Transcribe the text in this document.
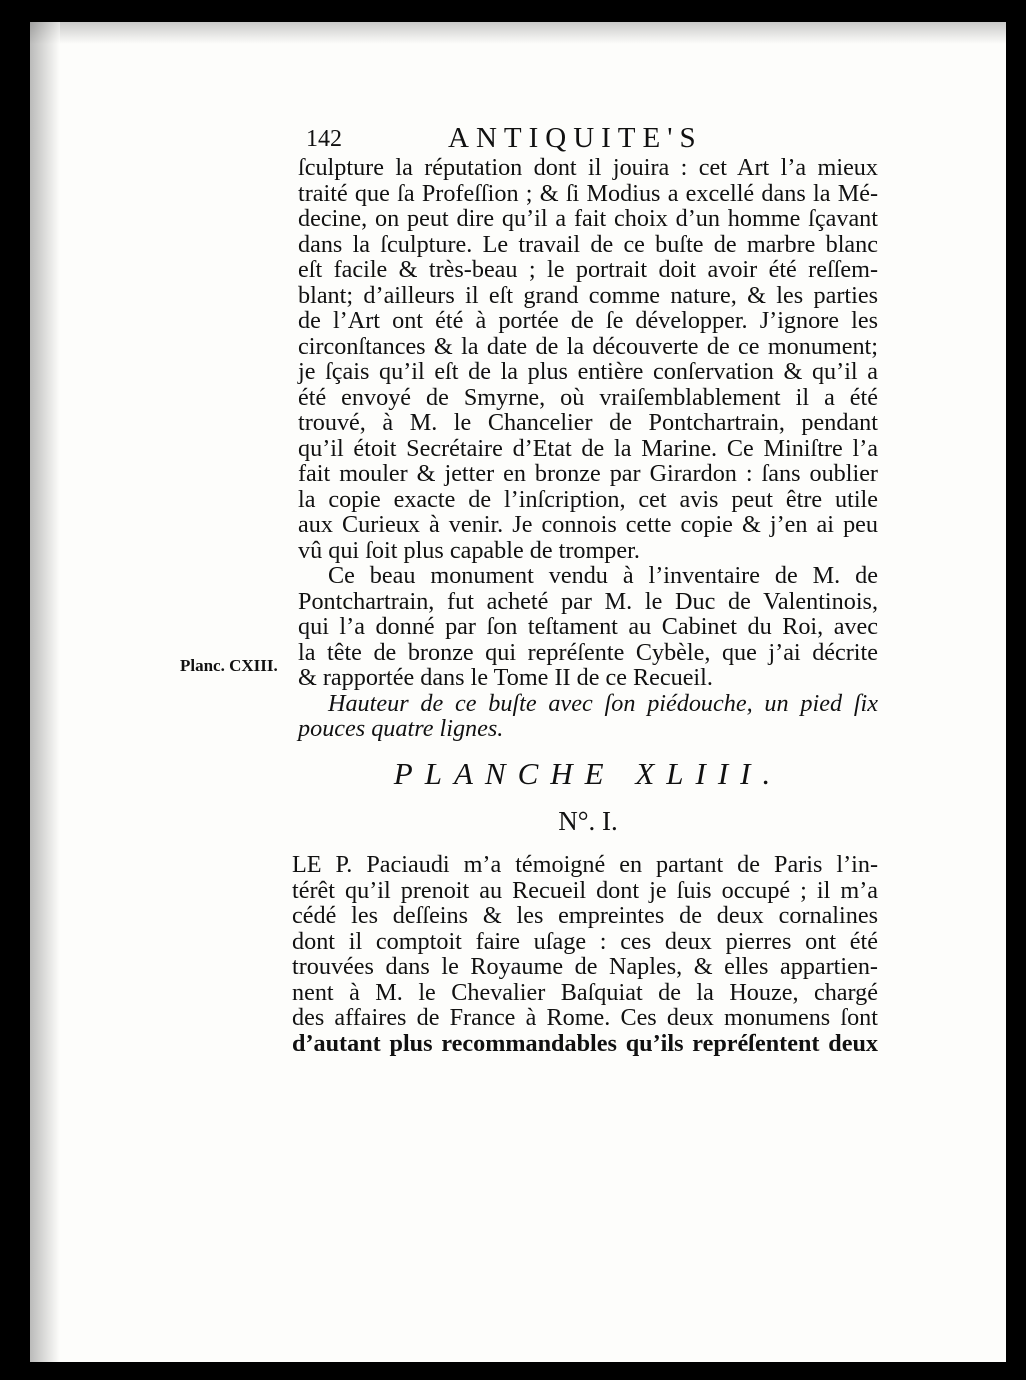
142	ANTIQUITE'S
ſculpture la réputation dont il jouira : cet Art l’a mieux
traité que ſa Profeſſion ; & ſi Modius a excellé dans la Mé-
decine, on peut dire qu’il a fait choix d’un homme ſçavant
dans la ſculpture. Le travail de ce buſte de marbre blanc
eſt facile & très-beau ; le portrait doit avoir été reſſem-
blant; d’ailleurs il eſt grand comme nature, & les parties
de l’Art ont été à portée de ſe développer. J’ignore les
circonſtances & la date de la découverte de ce monument;
je ſçais qu’il eſt de la plus entière conſervation & qu’il a
été envoyé de Smyrne, où vraiſemblablement il a été
trouvé, à M. le Chancelier de Pontchartrain, pendant
qu’il étoit Secrétaire d’Etat de la Marine. Ce Miniſtre l’a
fait mouler & jetter en bronze par Girardon : ſans oublier
la copie exacte de l’inſcription, cet avis peut être utile
aux Curieux à venir. Je connois cette copie & j’en ai peu
vû qui ſoit plus capable de tromper.
Ce beau monument vendu à l’inventaire de M. de
Pontchartrain, fut acheté par M. le Duc de Valentinois,
qui l’a donné par ſon teſtament au Cabinet du Roi, avec
la tête de bronze qui repréſente Cybèle, que j’ai décrite
& rapportée dans le Tome II de ce Recueil.
Hauteur de ce buſte avec ſon piédouche, un pied ſix
pouces quatre lignes.
Planc. CXIII.
PLANCHE XLIII.
N°. I.
LE P. Paciaudi m’a témoigné en partant de Paris l’in-
térêt qu’il prenoit au Recueil dont je ſuis occupé ; il m’a
cédé les deſſeins & les empreintes de deux cornalines
dont il comptoit faire uſage : ces deux pierres ont été
trouvées dans le Royaume de Naples, & elles appartien-
nent à M. le Chevalier Baſquiat de la Houze, chargé
des affaires de France à Rome. Ces deux monumens ſont
d’autant plus recommandables qu’ils repréſentent deux
